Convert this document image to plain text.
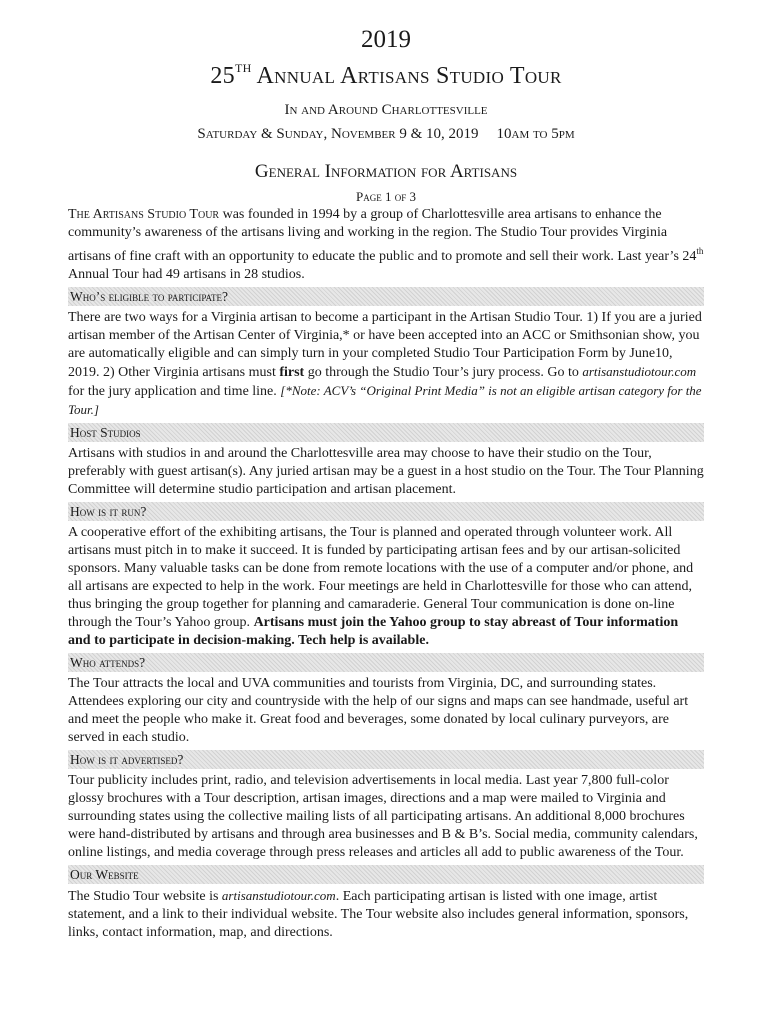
2019
25TH Annual Artisans Studio Tour
In and Around Charlottesville
Saturday & Sunday, November 9 & 10, 2019 10am to 5pm
General Information for Artisans
Page 1 of 3

The Artisans Studio Tour was founded in 1994 by a group of Charlottesville area artisans to enhance the community’s awareness of the artisans living and working in the region. The Studio Tour provides Virginia artisans of fine craft with an opportunity to educate the public and to promote and sell their work. Last year’s 24th Annual Tour had 49 artisans in 28 studios.

Who’s eligible to participate?

There are two ways for a Virginia artisan to become a participant in the Artisan Studio Tour. 1) If you are a juried artisan member of the Artisan Center of Virginia,* or have been accepted into an ACC or Smithsonian show, you are automatically eligible and can simply turn in your completed Studio Tour Participation Form by June10, 2019. 2) Other Virginia artisans must first go through the Studio Tour’s jury process. Go to artisanstudiotour.com for the jury application and time line. [*Note: ACV’s “Original Print Media” is not an eligible artisan category for the Tour.]

Host Studios

Artisans with studios in and around the Charlottesville area may choose to have their studio on the Tour, preferably with guest artisan(s). Any juried artisan may be a guest in a host studio on the Tour. The Tour Planning Committee will determine studio participation and artisan placement.

How is it run?

A cooperative effort of the exhibiting artisans, the Tour is planned and operated through volunteer work. All artisans must pitch in to make it succeed. It is funded by participating artisan fees and by our artisan-solicited sponsors. Many valuable tasks can be done from remote locations with the use of a computer and/or phone, and all artisans are expected to help in the work. Four meetings are held in Charlottesville for those who can attend, thus bringing the group together for planning and camaraderie. General Tour communication is done on-line through the Tour’s Yahoo group. Artisans must join the Yahoo group to stay abreast of Tour information and to participate in decision-making. Tech help is available.

Who attends?

The Tour attracts the local and UVA communities and tourists from Virginia, DC, and surrounding states. Attendees exploring our city and countryside with the help of our signs and maps can see handmade, useful art and meet the people who make it. Great food and beverages, some donated by local culinary purveyors, are served in each studio.

How is it advertised?

Tour publicity includes print, radio, and television advertisements in local media. Last year 7,800 full-color glossy brochures with a Tour description, artisan images, directions and a map were mailed to Virginia and surrounding states using the collective mailing lists of all participating artisans. An additional 8,000 brochures were hand-distributed by artisans and through area businesses and B & B’s. Social media, community calendars, online listings, and media coverage through press releases and articles all add to public awareness of the Tour.

Our Website

The Studio Tour website is artisanstudiotour.com. Each participating artisan is listed with one image, artist statement, and a link to their individual website. The Tour website also includes general information, sponsors, links, contact information, map, and directions.
